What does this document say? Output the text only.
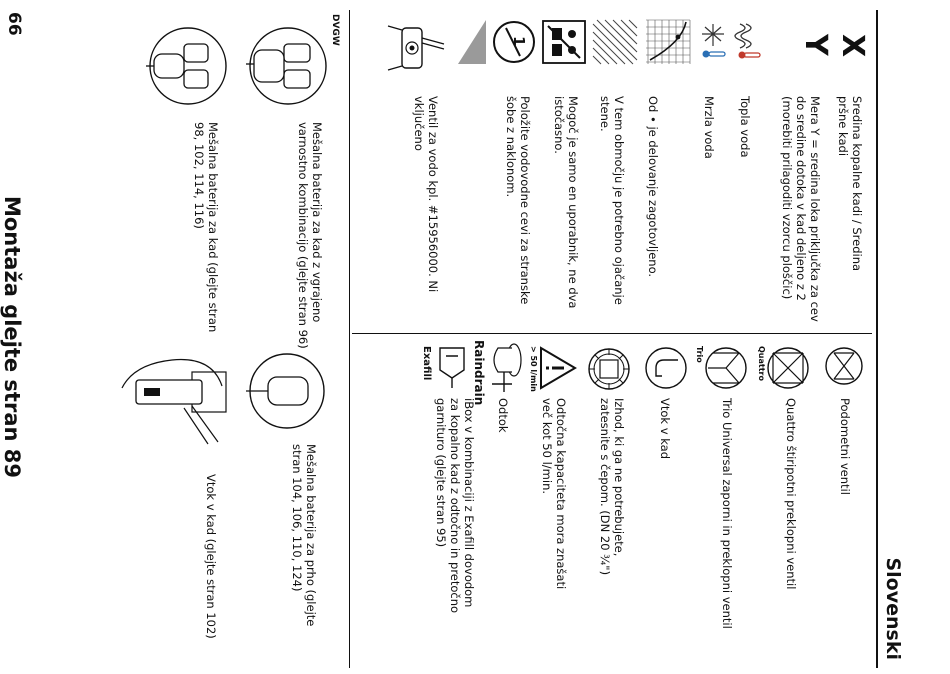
Slovenski
X
Sredina kopalne kadi / Sredina pršne kadi
Y
Mera Y = sredina loka priključka za cev do sredine dotoka v kad deljeno z 2 (morebiti prilagoditi vzorcu ploščic)
Topla voda
Mrzla voda
Od • je delovanje zagotovljeno.
V tem območju je potrebno ojačanje stene.
Mogoč je samo en uporabnik, ne dva istočasno.
1
Položite vodovodne cevi za stranske šobe z naklonom.
Ventil za vodo kpl. #15956000. Ni vključeno
Podometni ventil
Quattro
Quattro štiripotni preklopni ventil
Trio
Trio Universal zaporni in preklopni ventil
Vtok v kad
Izhod, ki ga ne potrebujete, zatesnite s čepom. (DN 20 ¾")
> 50 l/min
Odtočna kapaciteta mora znašati več kot 50 l/min.
Odtok
Raindrain
Exafill
iBox v kombinaciji z Exafill dovodom za kopalno kad z odtočno in pretočno garnituro (glejte stran 95)
DVGW
Mešalna baterija za kad z vgrajeno varnostno kombinacijo (glejte stran 96)
Mešalna baterija za kad (glejte stran 98, 102, 114, 116)
Mešalna baterija za prho (glejte stran 104, 106, 110, 124)
Vtok v kad (glejte stran 102)
66
Montaža glejte stran 89
